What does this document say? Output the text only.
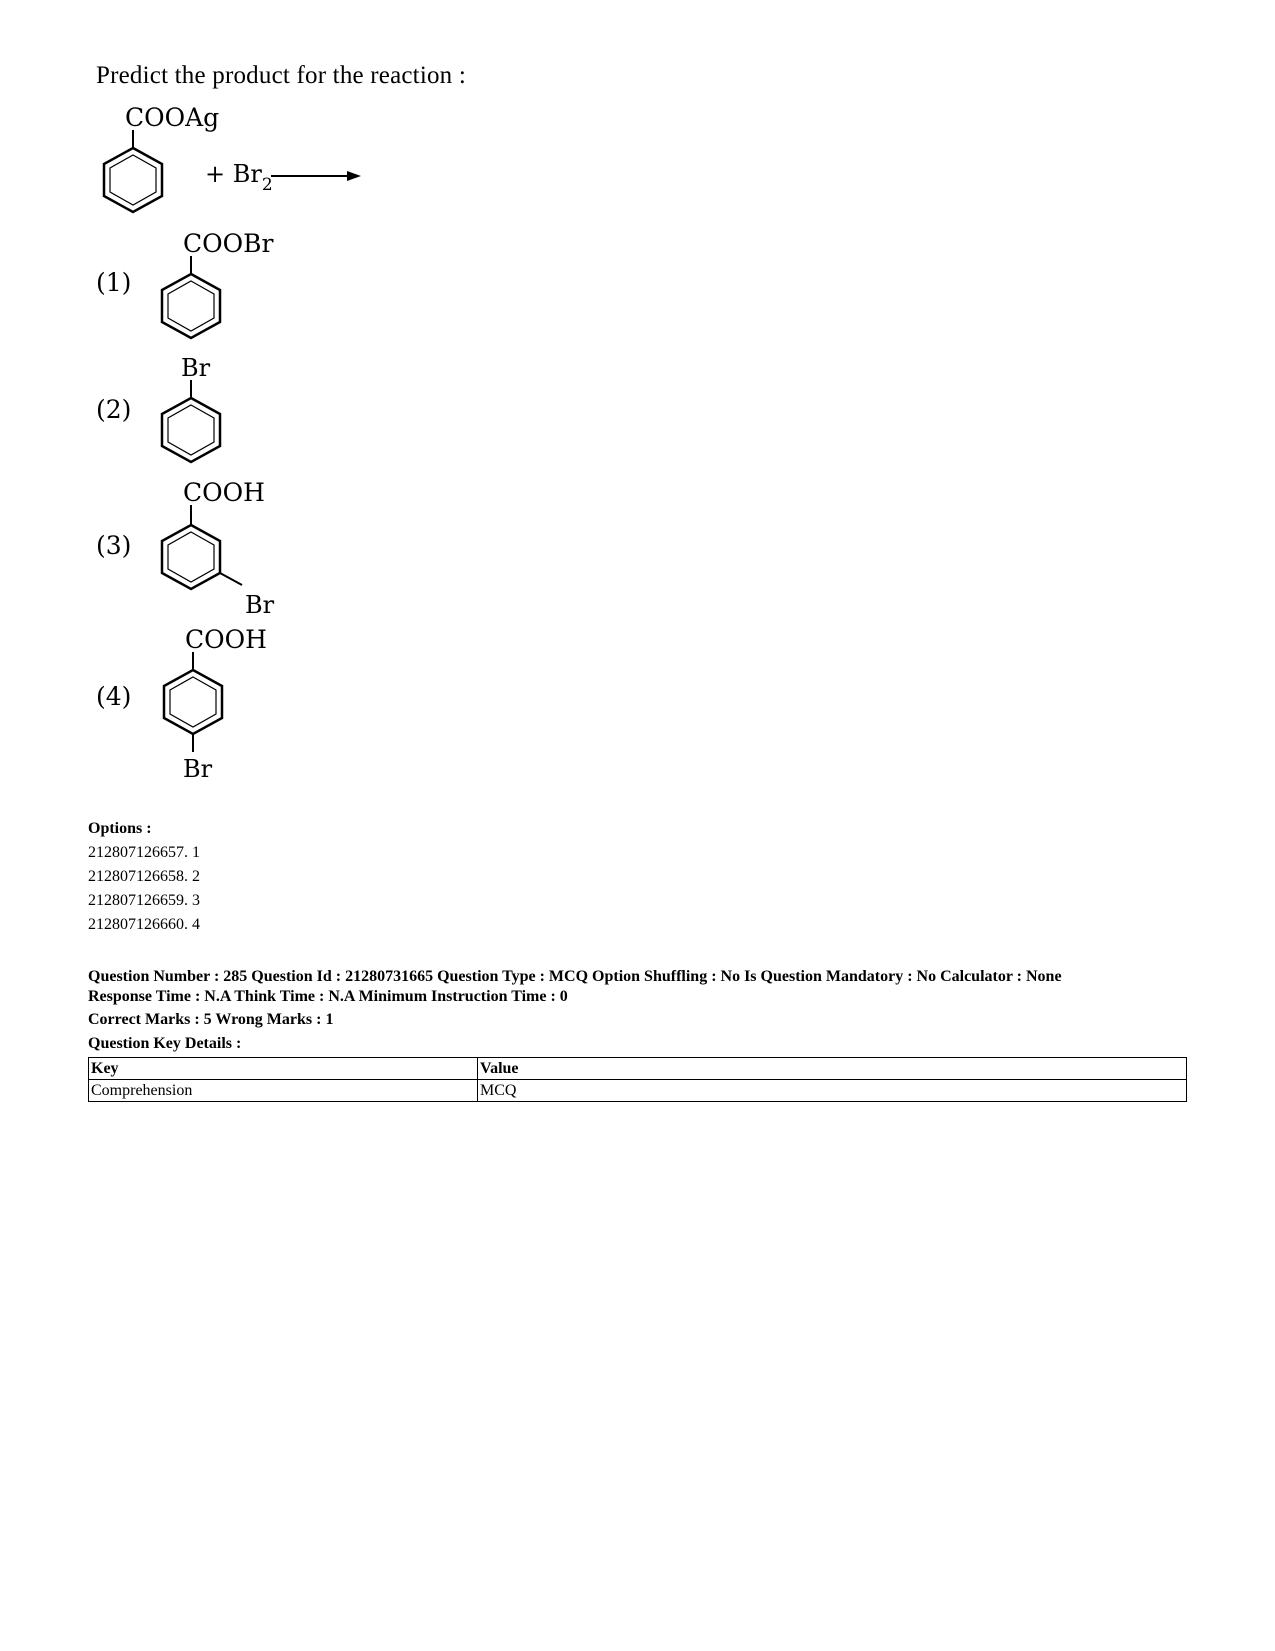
Predict the product for the reaction :
COOAg
+ $Br_2$
(1)
COOBr
(2)
Br
(3)
COOH
Br
(4)
COOH
Br
Options :
212807126657. 1
212807126658. 2
212807126659. 3
212807126660. 4
Question Number : 285 Question Id : 21280731665 Question Type : MCQ Option Shuffling : No Is Question Mandatory : No Calculator : None
Response Time : N.A Think Time : N.A Minimum Instruction Time : 0
Correct Marks : 5 Wrong Marks : 1
Question Key Details :
Key	Value
Comprehension	MCQ
